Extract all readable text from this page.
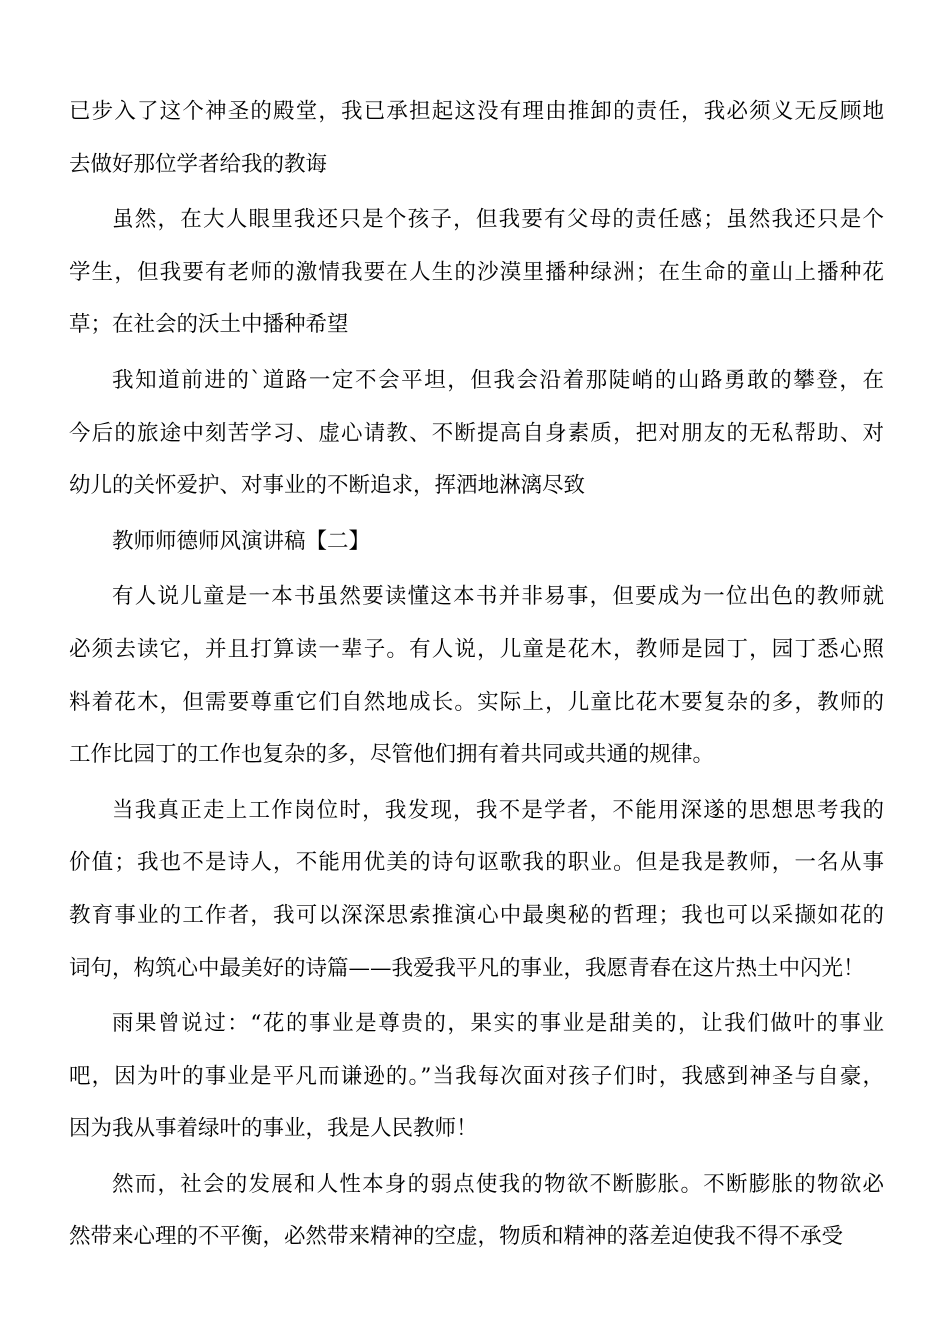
已步入了这个神圣的殿堂，我已承担起这没有理由推卸的责任，我必须义无反顾地
去做好那位学者给我的教诲
虽然，在大人眼里我还只是个孩子，但我要有父母的责任感；虽然我还只是个
学生，但我要有老师的激情我要在人生的沙漠里播种绿洲；在生命的童山上播种花
草；在社会的沃土中播种希望
我知道前进的`道路一定不会平坦，但我会沿着那陡峭的山路勇敢的攀登，在
今后的旅途中刻苦学习、虚心请教、不断提高自身素质，把对朋友的无私帮助、对
幼儿的关怀爱护、对事业的不断追求，挥洒地淋漓尽致
教师师德师风演讲稿【二】
有人说儿童是一本书虽然要读懂这本书并非易事，但要成为一位出色的教师就
必须去读它，并且打算读一辈子。有人说，儿童是花木，教师是园丁，园丁悉心照
料着花木，但需要尊重它们自然地成长。实际上，儿童比花木要复杂的多，教师的
工作比园丁的工作也复杂的多，尽管他们拥有着共同或共通的规律。
当我真正走上工作岗位时，我发现，我不是学者，不能用深遂的思想思考我的
价值；我也不是诗人，不能用优美的诗句讴歌我的职业。但是我是教师，一名从事
教育事业的工作者，我可以深深思索推演心中最奥秘的哲理；我也可以采撷如花的
词句，构筑心中最美好的诗篇——我爱我平凡的事业，我愿青春在这片热土中闪光！
雨果曾说过：“花的事业是尊贵的，果实的事业是甜美的，让我们做叶的事业
吧，因为叶的事业是平凡而谦逊的。”当我每次面对孩子们时，我感到神圣与自豪，
因为我从事着绿叶的事业，我是人民教师！
然而，社会的发展和人性本身的弱点使我的物欲不断膨胀。不断膨胀的物欲必
然带来心理的不平衡，必然带来精神的空虚，物质和精神的落差迫使我不得不承受
